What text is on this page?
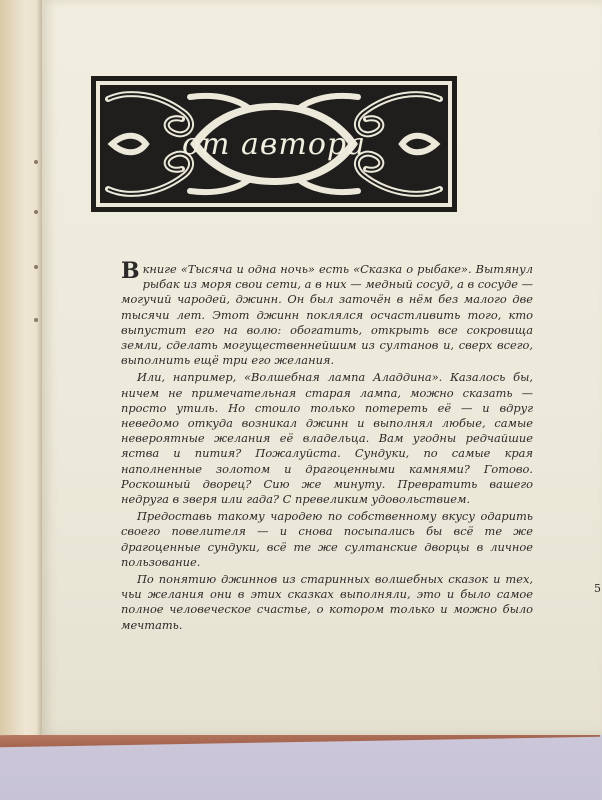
от автора

В книге «Тысяча и одна ночь» есть «Сказка о рыбаке». Вытянул рыбак из моря свои сети, а в них — медный сосуд, а в сосуде — могучий чародей, джинн. Он был заточён в нём без малого две тысячи лет. Этот джинн поклялся осчастливить того, кто выпустит его на волю: обогатить, открыть все сокровища земли, сделать могущественнейшим из султанов и, сверх всего, выполнить ещё три его желания.

Или, например, «Волшебная лампа Аладдина». Казалось бы, ничем не примечательная старая лампа, можно сказать — просто утиль. Но стоило только потереть её — и вдруг неведомо откуда возникал джинн и выполнял любые, самые невероятные желания её владельца. Вам угодны редчайшие яства и пития? Пожалуйста. Сундуки, по самые края наполненные золотом и драгоценными камнями? Готово. Роскошный дворец? Сию же минуту. Превратить вашего недруга в зверя или гада? С превеликим удовольствием.

Предоставь такому чародею по собственному вкусу одарить своего повелителя — и снова посыпались бы всё те же драгоценные сундуки, всё те же султанские дворцы в личное пользование.

По понятию джиннов из старинных волшебных сказок и тех, чьи желания они в этих сказках выполняли, это и было самое полное человеческое счастье, о котором только и можно было мечтать.

5
